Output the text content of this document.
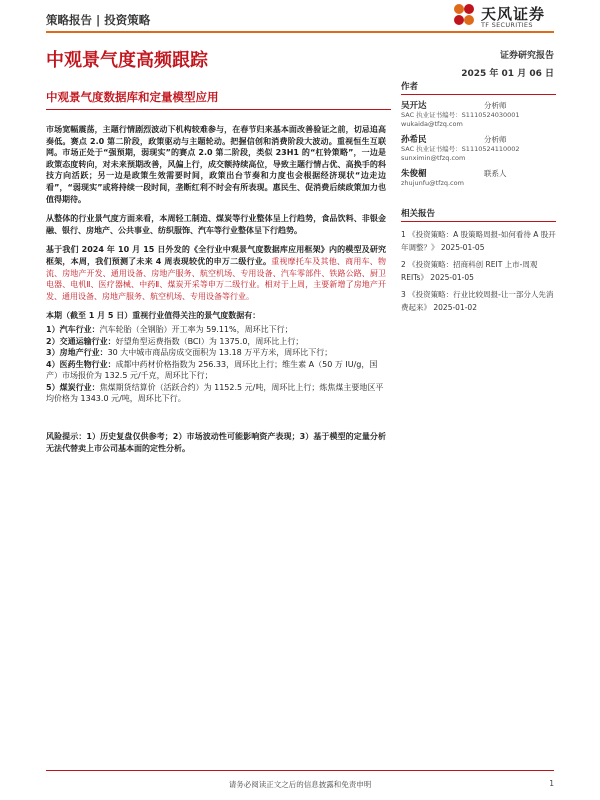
策略报告 | 投资策略	天风证券
TF SECURITIES
中观景气度高频跟踪	证券研究报告
2025 年 01 月 06 日
中观景气度数据库和定量模型应用

市场宽幅震荡，主题行情剧烈波动下机构较难参与，在春节归来基本面改善验证之前，切忌追高奏低。赛点 2.0 第二阶段，政策驱动与主题轮动。把握信创和消费阶段大波动。重视恒生互联网。市场正处于“强预期，弱现实”的赛点 2.0 第二阶段，类似 23H1 的“杠铃策略”，一边是政策态度转向，对未来预期改善，风偏上行，成交额持续高位，导致主题行情占优、高换手的科技方向活跃；另一边是政策生效需要时间，政策出台节奏和力度也会根据经济现状“边走边看”，“弱现实”或将持续一段时间，垄断红利不时会有所表现。惠民生、促消费后续政策加力也值得期待。

从整体的行业景气度方面来看，本周轻工制造、煤炭等行业整体呈上行趋势，食品饮料、非银金融、银行、房地产、公共事业、纺织服饰、汽车等行业整体呈下行趋势。

基于我们 2024 年 10 月 15 日外发的《全行业中观景气度数据库应用框架》内的模型及研究框架，本周，我们预测了未来 4 周表现较优的申万二级行业。重视摩托车及其他、商用车、物流、房地产开发、通用设备、房地产服务、航空机场、专用设备、汽车零部件、铁路公路、厨卫电器、电机Ⅱ、医疗器械、中药Ⅱ、煤炭开采等申万二级行业。相对于上周，主要新增了房地产开发、通用设备、房地产服务、航空机场、专用设备等行业。

本期（截至 1 月 5 日）重视行业值得关注的景气度数据有：

1）汽车行业：汽车轮胎（全钢胎）开工率为 59.11%，周环比下行；

2）交通运输行业：好望角型运费指数（BCI）为 1375.0，周环比上行；

3）房地产行业：30 大中城市商品房成交面积为 13.18 万平方米，周环比下行；

4）医药生物行业：成都中药材价格指数为 256.33，周环比上行；维生素 A（50 万 IU/g，国产）市场报价为 132.5 元/千克，周环比下行；

5）煤炭行业：焦煤期货结算价（活跃合约）为 1152.5 元/吨，周环比上行；炼焦煤主要地区平均价格为 1343.0 元/吨，周环比下行。

风险提示：1）历史复盘仅供参考；2）市场波动性可能影响资产表现；3）基于模型的定量分析无法代替卖上市公司基本面的定性分析。

作者
吴开达	分析师
SAC 执业证书编号：S1110524030001
wukaida@tfzq.com
孙希民	分析师
SAC 执业证书编号：S1110524110002
sunximin@tfzq.com
朱俊楣	联系人
zhujunfu@tfzq.com
相关报告
1 《投资策略：A 股策略周报-如何看待 A 股开年调整？》 2025-01-05
2 《投资策略：招商科创 REIT 上市-周观 REITs》 2025-01-05
3 《投资策略：行业比较周报-让一部分人先消费起来》 2025-01-02
请务必阅读正文之后的信息披露和免责申明	1
